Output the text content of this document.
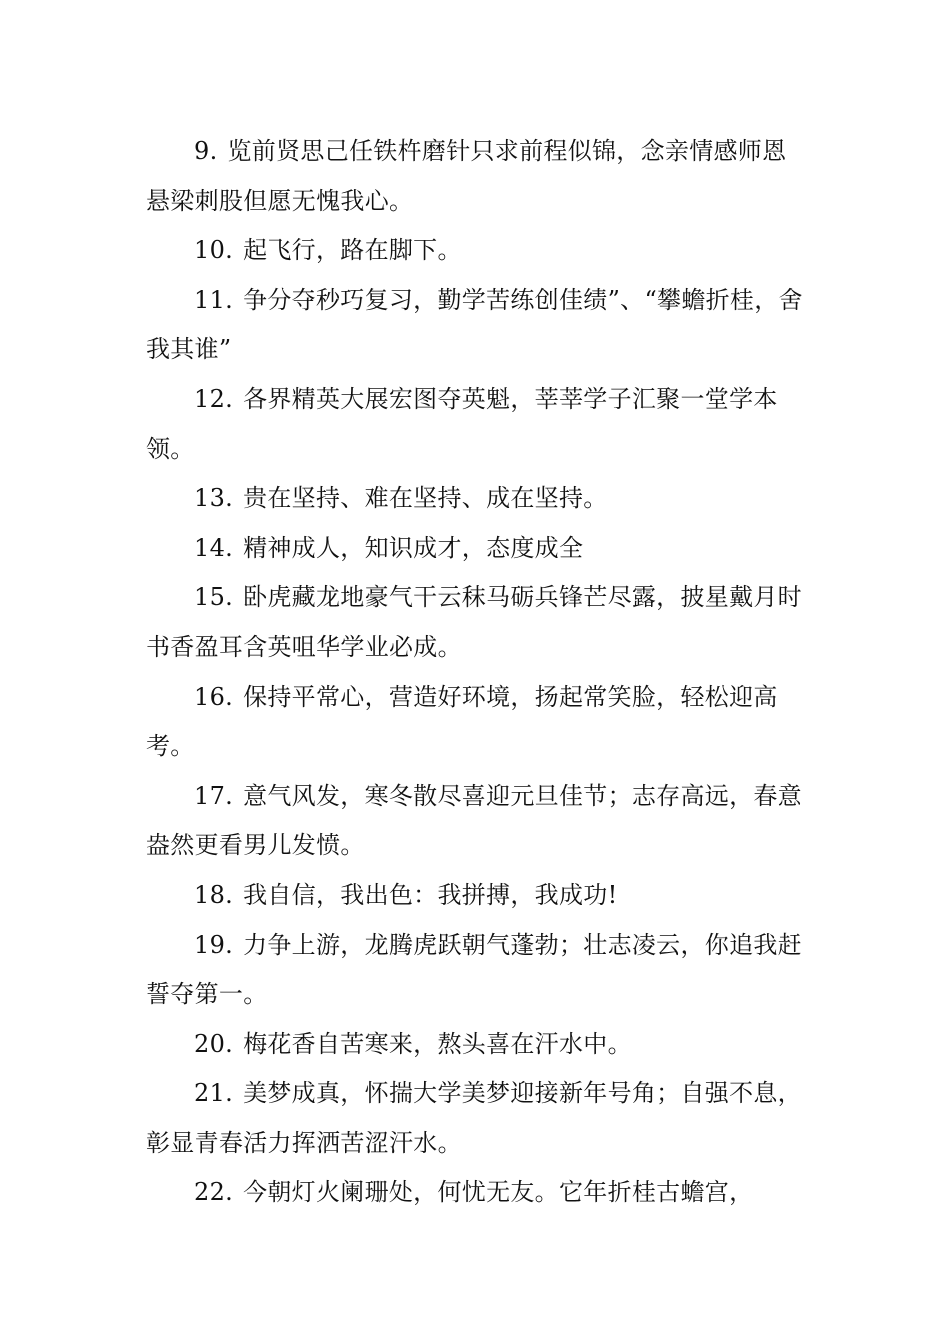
9. 览前贤思己任铁杵磨针只求前程似锦，念亲情感师恩悬梁刺股但愿无愧我心。

10. 起飞行，路在脚下。

11. 争分夺秒巧复习，勤学苦练创佳绩”、“攀蟾折桂，舍我其谁”

12. 各界精英大展宏图夺英魁，莘莘学子汇聚一堂学本领。

13. 贵在坚持、难在坚持、成在坚持。

14. 精神成人，知识成才，态度成全

15. 卧虎藏龙地豪气干云秣马砺兵锋芒尽露，披星戴月时书香盈耳含英咀华学业必成。

16. 保持平常心，营造好环境，扬起常笑脸，轻松迎高考。

17. 意气风发，寒冬散尽喜迎元旦佳节；志存高远，春意盎然更看男儿发愤。

18. 我自信，我出色：我拼搏，我成功!

19. 力争上游，龙腾虎跃朝气蓬勃；壮志凌云，你追我赶誓夺第一。

20. 梅花香自苦寒来，熬头喜在汗水中。

21. 美梦成真，怀揣大学美梦迎接新年号角；自强不息，彰显青春活力挥洒苦涩汗水。

22. 今朝灯火阑珊处，何忧无友。它年折桂古蟾宫，
